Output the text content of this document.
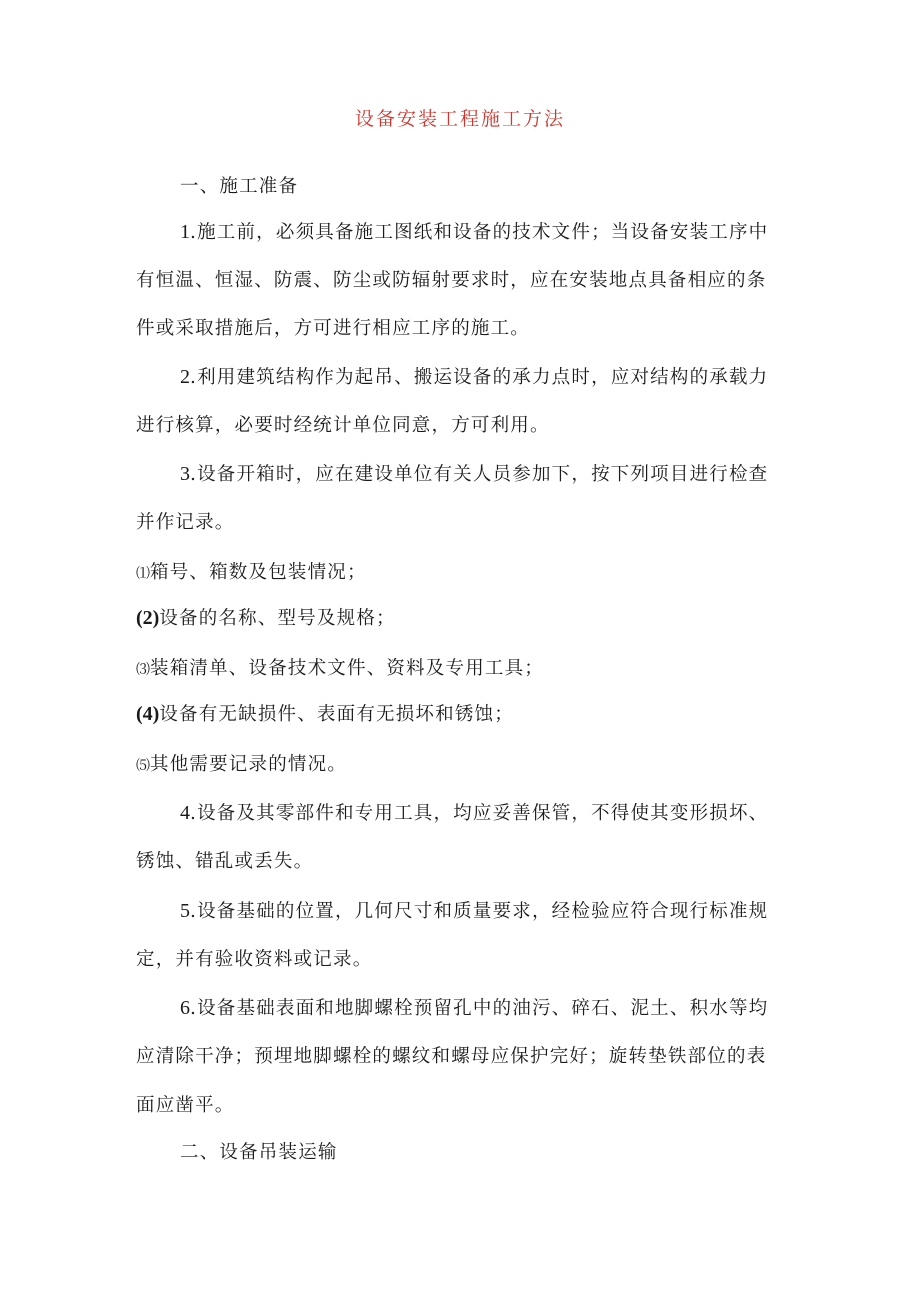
设备安装工程施工方法
一、施工准备
1.施工前，必须具备施工图纸和设备的技术文件；当设备安装工序中
有恒温、恒湿、防震、防尘或防辐射要求时，应在安装地点具备相应的条
件或采取措施后，方可进行相应工序的施工。
2.利用建筑结构作为起吊、搬运设备的承力点时，应对结构的承载力
进行核算，必要时经统计单位同意，方可利用。
3.设备开箱时，应在建设单位有关人员参加下，按下列项目进行检查
并作记录。
⑴箱号、箱数及包装情况；
(2)设备的名称、型号及规格；
⑶装箱清单、设备技术文件、资料及专用工具；
(4)设备有无缺损件、表面有无损坏和锈蚀；
⑸其他需要记录的情况。
4.设备及其零部件和专用工具，均应妥善保管，不得使其变形损坏、
锈蚀、错乱或丢失。
5.设备基础的位置，几何尺寸和质量要求，经检验应符合现行标准规
定，并有验收资料或记录。
6.设备基础表面和地脚螺栓预留孔中的油污、碎石、泥土、积水等均
应清除干净；预埋地脚螺栓的螺纹和螺母应保护完好；旋转垫铁部位的表
面应凿平。
二、设备吊装运输
